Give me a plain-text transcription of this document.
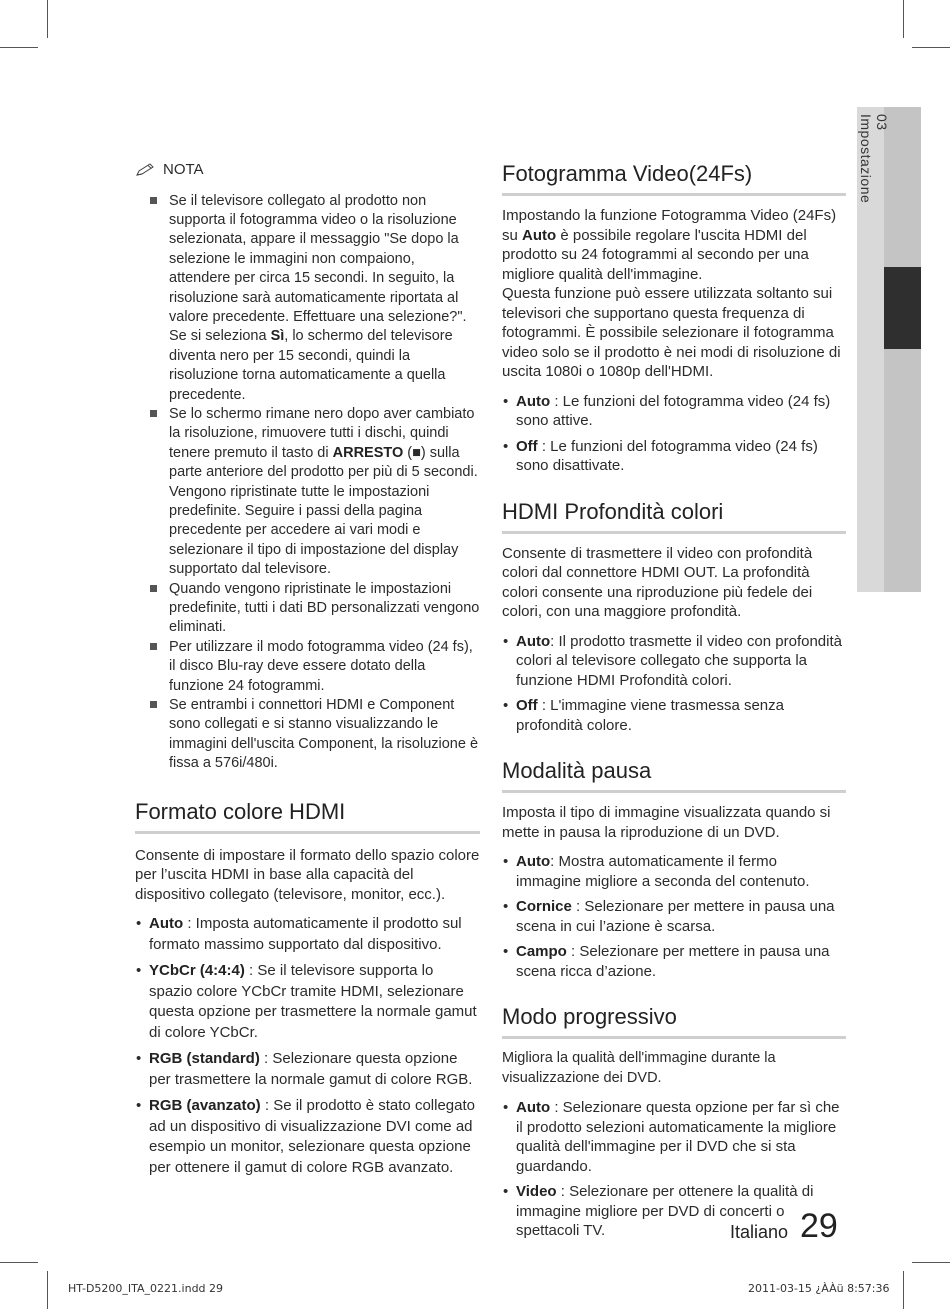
03
Impostazione
NOTA
Se il televisore collegato al prodotto non supporta il fotogramma video o la risoluzione selezionata, appare il messaggio "Se dopo la selezione le immagini non compaiono, attendere per circa 15 secondi. In seguito, la risoluzione sarà automaticamente riportata al valore precedente. Effettuare una selezione?". Se si seleziona Sì, lo schermo del televisore diventa nero per 15 secondi, quindi la risoluzione torna automaticamente a quella precedente.
Se lo schermo rimane nero dopo aver cambiato la risoluzione, rimuovere tutti i dischi, quindi tenere premuto il tasto di ARRESTO (■) sulla parte anteriore del prodotto per più di 5 secondi. Vengono ripristinate tutte le impostazioni predefinite. Seguire i passi della pagina precedente per accedere ai vari modi e selezionare il tipo di impostazione del display supportato dal televisore.
Quando vengono ripristinate le impostazioni predefinite, tutti i dati BD personalizzati vengono eliminati.
Per utilizzare il modo fotogramma video (24 fs), il disco Blu-ray deve essere dotato della funzione 24 fotogrammi.
Se entrambi i connettori HDMI e Component sono collegati e si stanno visualizzando le immagini dell'uscita Component, la risoluzione è fissa a 576i/480i.
Formato colore HDMI

Consente di impostare il formato dello spazio colore per l’uscita HDMI in base alla capacità del dispositivo collegato (televisore, monitor, ecc.).

• Auto : Imposta automaticamente il prodotto sul formato massimo supportato dal dispositivo.
• YCbCr (4:4:4) : Se il televisore supporta lo spazio colore YCbCr tramite HDMI, selezionare questa opzione per trasmettere la normale gamut di colore YCbCr.
• RGB (standard) : Selezionare questa opzione per trasmettere la normale gamut di colore RGB.
• RGB (avanzato) : Se il prodotto è stato collegato ad un dispositivo di visualizzazione DVI come ad esempio un monitor, selezionare questa opzione per ottenere il gamut di colore RGB avanzato.
Fotogramma Video(24Fs)

Impostando la funzione Fotogramma Video (24Fs) su Auto è possibile regolare l'uscita HDMI del prodotto su 24 fotogrammi al secondo per una migliore qualità dell'immagine.

Questa funzione può essere utilizzata soltanto sui televisori che supportano questa frequenza di fotogrammi. È possibile selezionare il fotogramma video solo se il prodotto è nei modi di risoluzione di uscita 1080i o 1080p dell'HDMI.

• Auto : Le funzioni del fotogramma video (24 fs) sono attive.
• Off : Le funzioni del fotogramma video (24 fs) sono disattivate.
HDMI Profondità colori

Consente di trasmettere il video con profondità colori dal connettore HDMI OUT. La profondità colori consente una riproduzione più fedele dei colori, con una maggiore profondità.

• Auto: Il prodotto trasmette il video con profondità colori al televisore collegato che supporta la funzione HDMI Profondità colori.
• Off : L'immagine viene trasmessa senza profondità colore.
Modalità pausa

Imposta il tipo di immagine visualizzata quando si mette in pausa la riproduzione di un DVD.

• Auto: Mostra automaticamente il fermo immagine migliore a seconda del contenuto.
• Cornice : Selezionare per mettere in pausa una scena in cui l’azione è scarsa.
• Campo : Selezionare per mettere in pausa una scena ricca d’azione.
Modo progressivo

Migliora la qualità dell'immagine durante la visualizzazione dei DVD.

• Auto : Selezionare questa opzione per far sì che il prodotto selezioni automaticamente la migliore qualità dell'immagine per il DVD che si sta guardando.
• Video : Selezionare per ottenere la qualità di immagine migliore per DVD di concerti o spettacoli TV.	Italiano 29
HT-D5200_ITA_0221.indd 29	2011-03-15 ¿ÀÀü 8:57:36
